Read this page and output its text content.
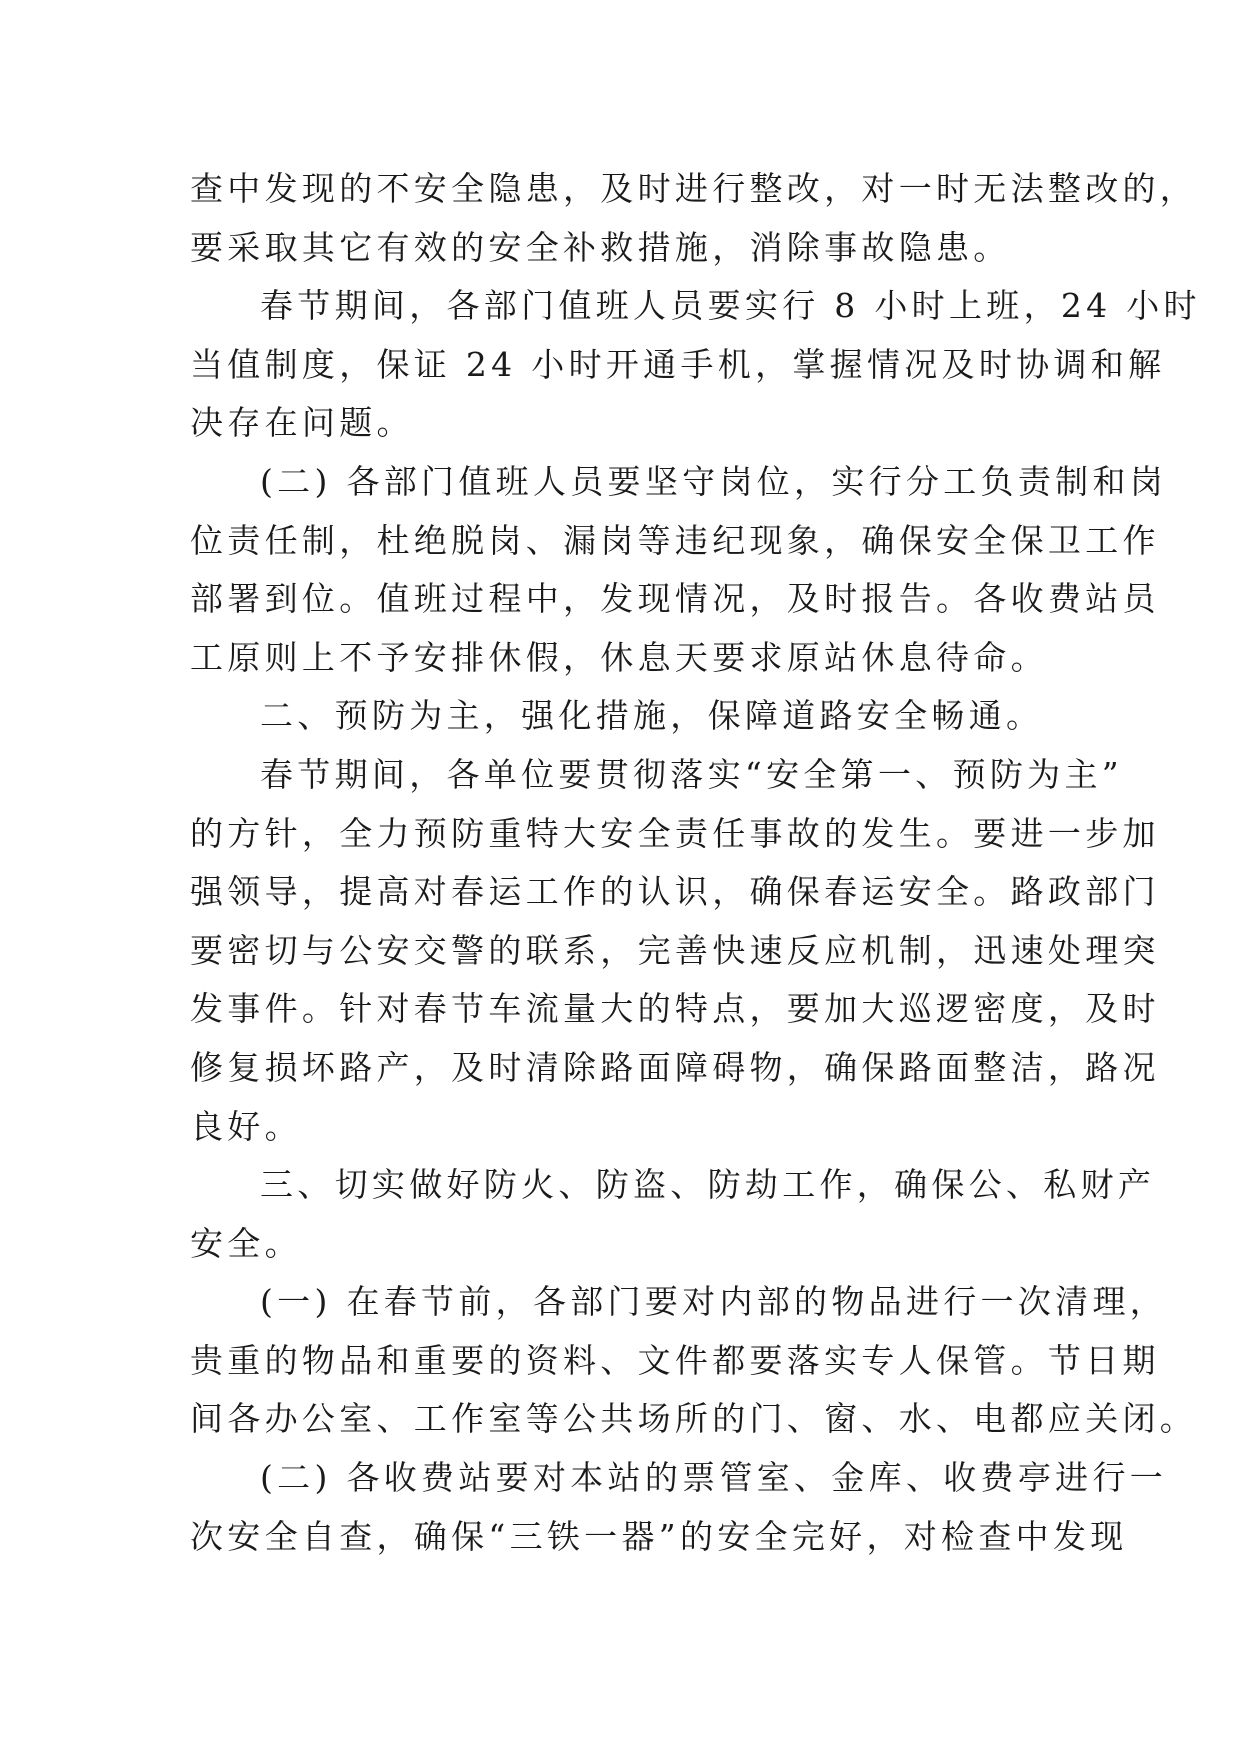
查中发现的不安全隐患，及时进行整改，对一时无法整改的，
要采取其它有效的安全补救措施，消除事故隐患。
春节期间，各部门值班人员要实行 8 小时上班，24 小时
当值制度，保证 24 小时开通手机，掌握情况及时协调和解
决存在问题。
(二) 各部门值班人员要坚守岗位，实行分工负责制和岗
位责任制，杜绝脱岗、漏岗等违纪现象，确保安全保卫工作
部署到位。值班过程中，发现情况，及时报告。各收费站员
工原则上不予安排休假，休息天要求原站休息待命。
二、预防为主，强化措施，保障道路安全畅通。
春节期间，各单位要贯彻落实“安全第一、预防为主”
的方针，全力预防重特大安全责任事故的发生。要进一步加
强领导，提高对春运工作的认识，确保春运安全。路政部门
要密切与公安交警的联系，完善快速反应机制，迅速处理突
发事件。针对春节车流量大的特点，要加大巡逻密度，及时
修复损坏路产，及时清除路面障碍物，确保路面整洁，路况
良好。
三、切实做好防火、防盗、防劫工作，确保公、私财产
安全。
(一) 在春节前，各部门要对内部的物品进行一次清理，
贵重的物品和重要的资料、文件都要落实专人保管。节日期
间各办公室、工作室等公共场所的门、窗、水、电都应关闭。
(二) 各收费站要对本站的票管室、金库、收费亭进行一
次安全自查，确保“三铁一器”的安全完好，对检查中发现
